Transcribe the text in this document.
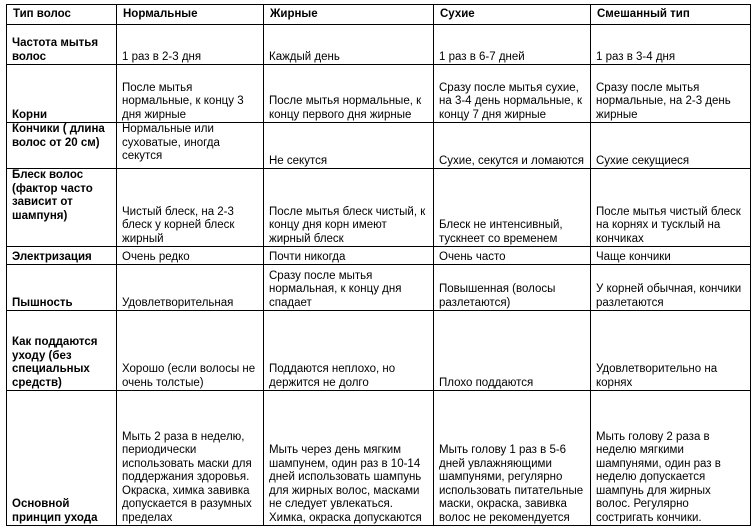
Тип волос	Нормальные	Жирные	Сухие	Смешанный тип
Частота мытья волос	1 раз в 2-3 дня	Каждый день	1 раз в 6-7 дней	1 раз в 3-4 дня
Корни	После мытья нормальные, к концу 3 дня жирные	После мытья нормальные, к концу первого дня жирные	Сразу после мытья сухие, на 3-4 день нормальные, к концу 7 дня жирные	Сразу после мытья нормальные, на 2-3 день жирные
Кончики ( длина волос от 20 см)	Нормальные или суховатые, иногда секутся	Не секутся	Сухие, секутся и ломаются	Сухие секущиеся
Блеск волос (фактор часто зависит от шампуня)	Чистый блеск, на 2-3 блеск у корней блеск жирный	После мытья блеск чистый, к концу дня корн имеют жирный блеск	Блеск не интенсивный, тускнеет со временем	После мытья чистый блеск на корнях и тусклый на кончиках
Электризация	Очень редко	Почти никогда	Очень часто	Чаще кончики
Пышность	Удовлетворительная	Сразу после мытья нормальная, к концу дня спадает	Повышенная (волосы разлетаются)	У корней обычная, кончики разлетаются
Как поддаются уходу (без специальных средств)	Хорошо (если волосы не очень толстые)	Поддаются неплохо, но держится не долго	Плохо поддаются	Удовлетворительно на корнях
Основной принцип ухода	Мыть 2 раза в неделю, периодически использовать маски для поддержания здоровья. Окраска, химка завивка допускается в разумных пределах	Мыть через день мягким шампунем, один раз в 10-14 дней использовать шампунь для жирных волос, масками не следует увлекаться. Химка, окраска допускаются	Мыть голову 1 раз в 5-6 дней увлажняющими шампунями, регулярно использовать питательные маски, окраска, завивка волос не рекомендуется	Мыть голову 2 раза в неделю мягкими шампунями, один раз в неделю допускается шампунь для жирных волос. Регулярно состригать кончики.
